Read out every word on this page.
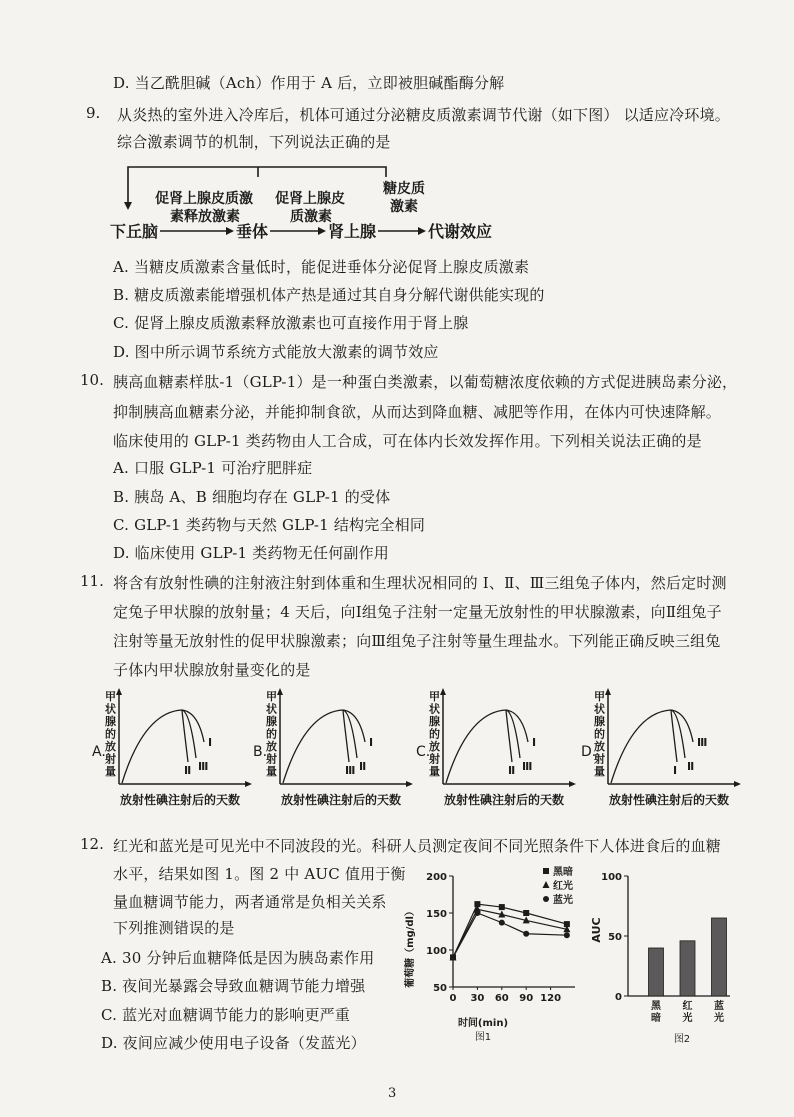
D. 当乙酰胆碱（Ach）作用于 A 后，立即被胆碱酯酶分解
9. 从炎热的室外进入冷库后，机体可通过分泌糖皮质激素调节代谢（如下图） 以适应冷环境。
综合激素调节的机制，下列说法正确的是
促肾上腺皮质激
素释放激素
促肾上腺皮
质激素
糖皮质
激素
下丘脑	垂体	肾上腺	代谢效应
A. 当糖皮质激素含量低时，能促进垂体分泌促肾上腺皮质激素
B. 糖皮质激素能增强机体产热是通过其自身分解代谢供能实现的
C. 促肾上腺皮质激素释放激素也可直接作用于肾上腺
D. 图中所示调节系统方式能放大激素的调节效应
10. 胰高血糖素样肽-1（GLP-1）是一种蛋白类激素，以葡萄糖浓度依赖的方式促进胰岛素分泌，
抑制胰高血糖素分泌，并能抑制食欲，从而达到降血糖、减肥等作用，在体内可快速降解。
临床使用的 GLP-1 类药物由人工合成，可在体内长效发挥作用。下列相关说法正确的是
A. 口服 GLP-1 可治疗肥胖症
B. 胰岛 A、B 细胞均存在 GLP-1 的受体
C. GLP-1 类药物与天然 GLP-1 结构完全相同
D. 临床使用 GLP-1 类药物无任何副作用
11. 将含有放射性碘的注射液注射到体重和生理状况相同的 Ⅰ、Ⅱ、Ⅲ三组兔子体内，然后定时测
定兔子甲状腺的放射量；4 天后，向Ⅰ组兔子注射一定量无放射性的甲状腺激素，向Ⅱ组兔子
注射等量无放射性的促甲状腺激素；向Ⅲ组兔子注射等量生理盐水。下列能正确反映三组兔
子体内甲状腺放射量变化的是
A.
甲
状
腺
的
放
射
量
Ⅰ
Ⅲ
Ⅱ
放射性碘注射后的天数
B.
甲
状
腺
的
放
射
量
Ⅰ
Ⅱ
Ⅲ
放射性碘注射后的天数
C.
甲
状
腺
的
放
射
量
Ⅰ
Ⅲ
Ⅱ
放射性碘注射后的天数
D.
甲
状
腺
的
放
射
量
Ⅲ
Ⅱ
Ⅰ
放射性碘注射后的天数
12. 红光和蓝光是可见光中不同波段的光。科研人员测定夜间不同光照条件下人体进食后的血糖
水平，结果如图 1。图 2 中 AUC 值用于衡
量血糖调节能力，两者通常是负相关关系
下列推测错误的是
A. 30 分钟后血糖降低是因为胰岛素作用
B. 夜间光暴露会导致血糖调节能力增强
C. 蓝光对血糖调节能力的影响更严重
D. 夜间应减少使用电子设备（发蓝光）
葡萄糖（mg/dl）
时间(min)
图1
50
100
150
200
0 30 60 90 120
黑暗
红光
蓝光
AUC
图2
0
50
100
黑
暗
红
光
蓝
光
3
